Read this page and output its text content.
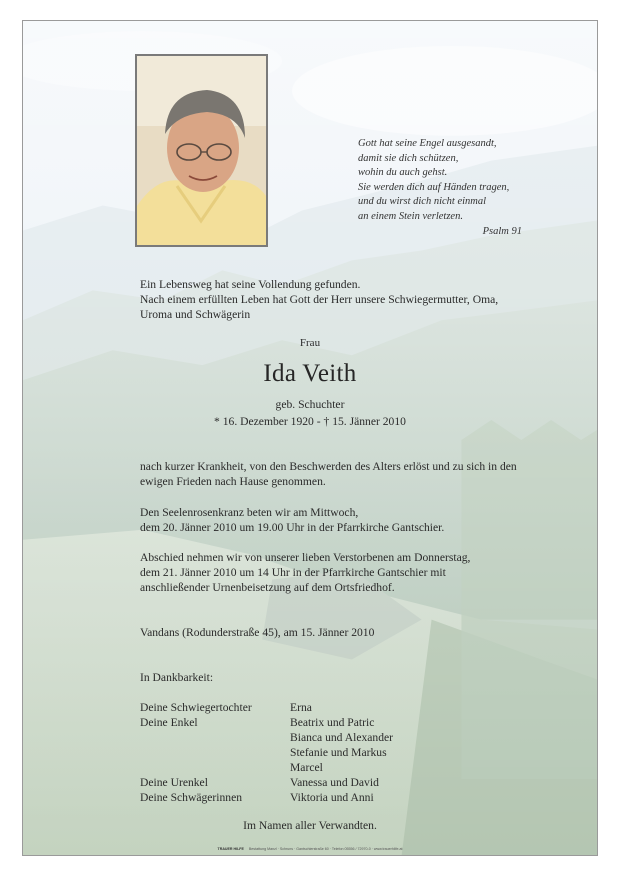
Gott hat seine Engel ausgesandt,
damit sie dich schützen,
wohin du auch gehst.
Sie werden dich auf Händen tragen,
und du wirst dich nicht einmal
an einem Stein verletzen.
Psalm 91
Ein Lebensweg hat seine Vollendung gefunden.
Nach einem erfüllten Leben hat Gott der Herr unsere Schwiegermutter, Oma,
Uroma und Schwägerin
Frau
Ida Veith
geb. Schuchter
* 16. Dezember 1920 - † 15. Jänner 2010
nach kurzer Krankheit, von den Beschwerden des Alters erlöst und zu sich in den
ewigen Frieden nach Hause genommen.
Den Seelenrosenkranz beten wir am Mittwoch,
dem 20. Jänner 2010 um 19.00 Uhr in der Pfarrkirche Gantschier.
Abschied nehmen wir von unserer lieben Verstorbenen am Donnerstag,
dem 21. Jänner 2010 um 14 Uhr in der Pfarrkirche Gantschier mit
anschließender Urnenbeisetzung auf dem Ortsfriedhof.
Vandans (Rodunderstraße 45), am 15. Jänner 2010
In Dankbarkeit:
Deine Schwiegertochter	Erna
Deine Enkel	Beatrix und Patric
Bianca und Alexander
Stefanie und Markus
Marcel
Deine Urenkel	Vanessa und David
Deine Schwägerinnen	Viktoria und Anni
Im Namen aller Verwandten.
TRAUER HILFE Bestattung Manzl · Schruns · Gantschierstraße 60 · Telefon 05556 / 72970-0 · www.trauerhilfe.at
